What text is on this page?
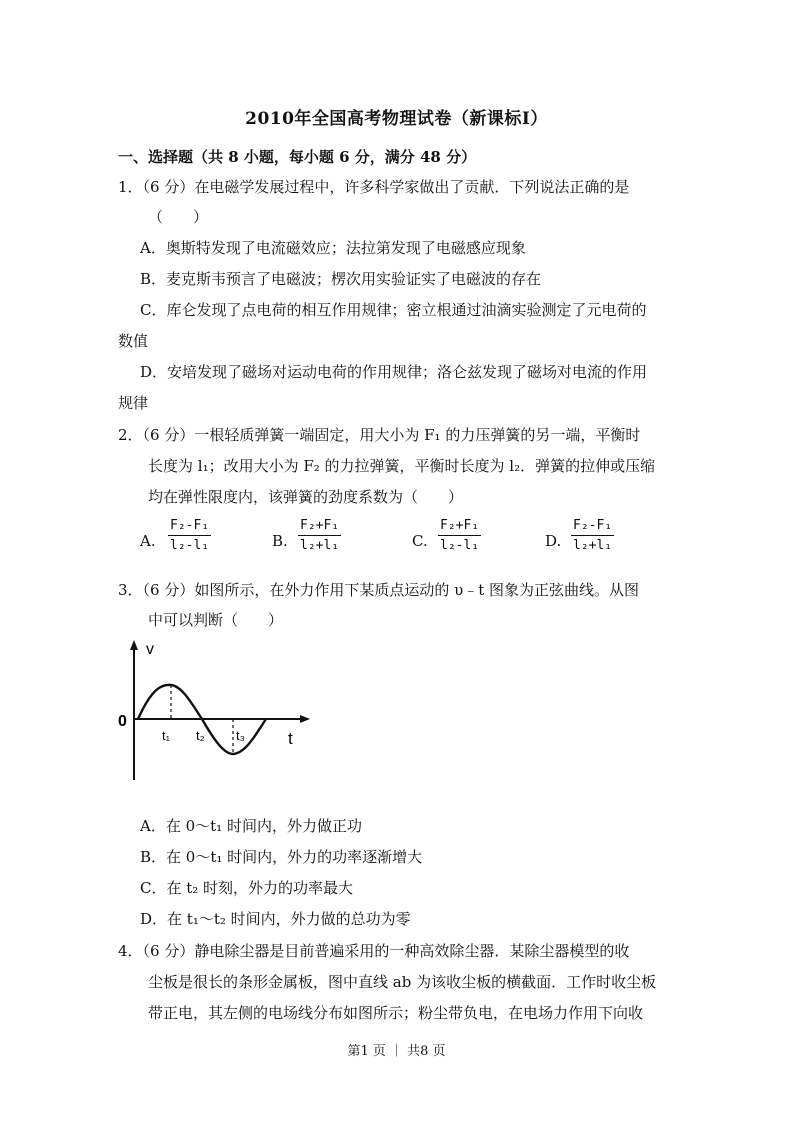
2010年全国高考物理试卷（新课标I）
一、选择题（共 8 小题，每小题 6 分，满分 48 分）
1．（6 分）在电磁学发展过程中，许多科学家做出了贡献．下列说法正确的是
（　　）
A．奥斯特发现了电流磁效应；法拉第发现了电磁感应现象
B．麦克斯韦预言了电磁波；楞次用实验证实了电磁波的存在
C．库仑发现了点电荷的相互作用规律；密立根通过油滴实验测定了元电荷的
数值
D．安培发现了磁场对运动电荷的作用规律；洛仑兹发现了磁场对电流的作用
规律
2．（6 分）一根轻质弹簧一端固定，用大小为 F₁ 的力压弹簧的另一端，平衡时
长度为 l₁；改用大小为 F₂ 的力拉弹簧，平衡时长度为 l₂．弹簧的拉伸或压缩
均在弹性限度内，该弹簧的劲度系数为（　　）
A. $\frac{\text{F₂-F₁}}{\text{l₂-l₁}}$	B. $\frac{\text{F₂+F₁}}{\text{l₂+l₁}}$	C. $\frac{\text{F₂+F₁}}{\text{l₂-l₁}}$	D. $\frac{\text{F₂-F₁}}{\text{l₂+l₁}}$
3．（6 分）如图所示，在外力作用下某质点运动的 υ﹣t 图象为正弦曲线。从图
中可以判断（　　）
v
0
t₁ t₂ t₃	t
A．在 0～t₁ 时间内，外力做正功
B．在 0～t₁ 时间内，外力的功率逐渐增大
C．在 t₂ 时刻，外力的功率最大
D．在 t₁～t₂ 时间内，外力做的总功为零
4．（6 分）静电除尘器是目前普遍采用的一种高效除尘器．某除尘器模型的收
尘板是很长的条形金属板，图中直线 ab 为该收尘板的横截面．工作时收尘板
带正电，其左侧的电场线分布如图所示；粉尘带负电，在电场力作用下向收
第1 页 ｜ 共8 页
